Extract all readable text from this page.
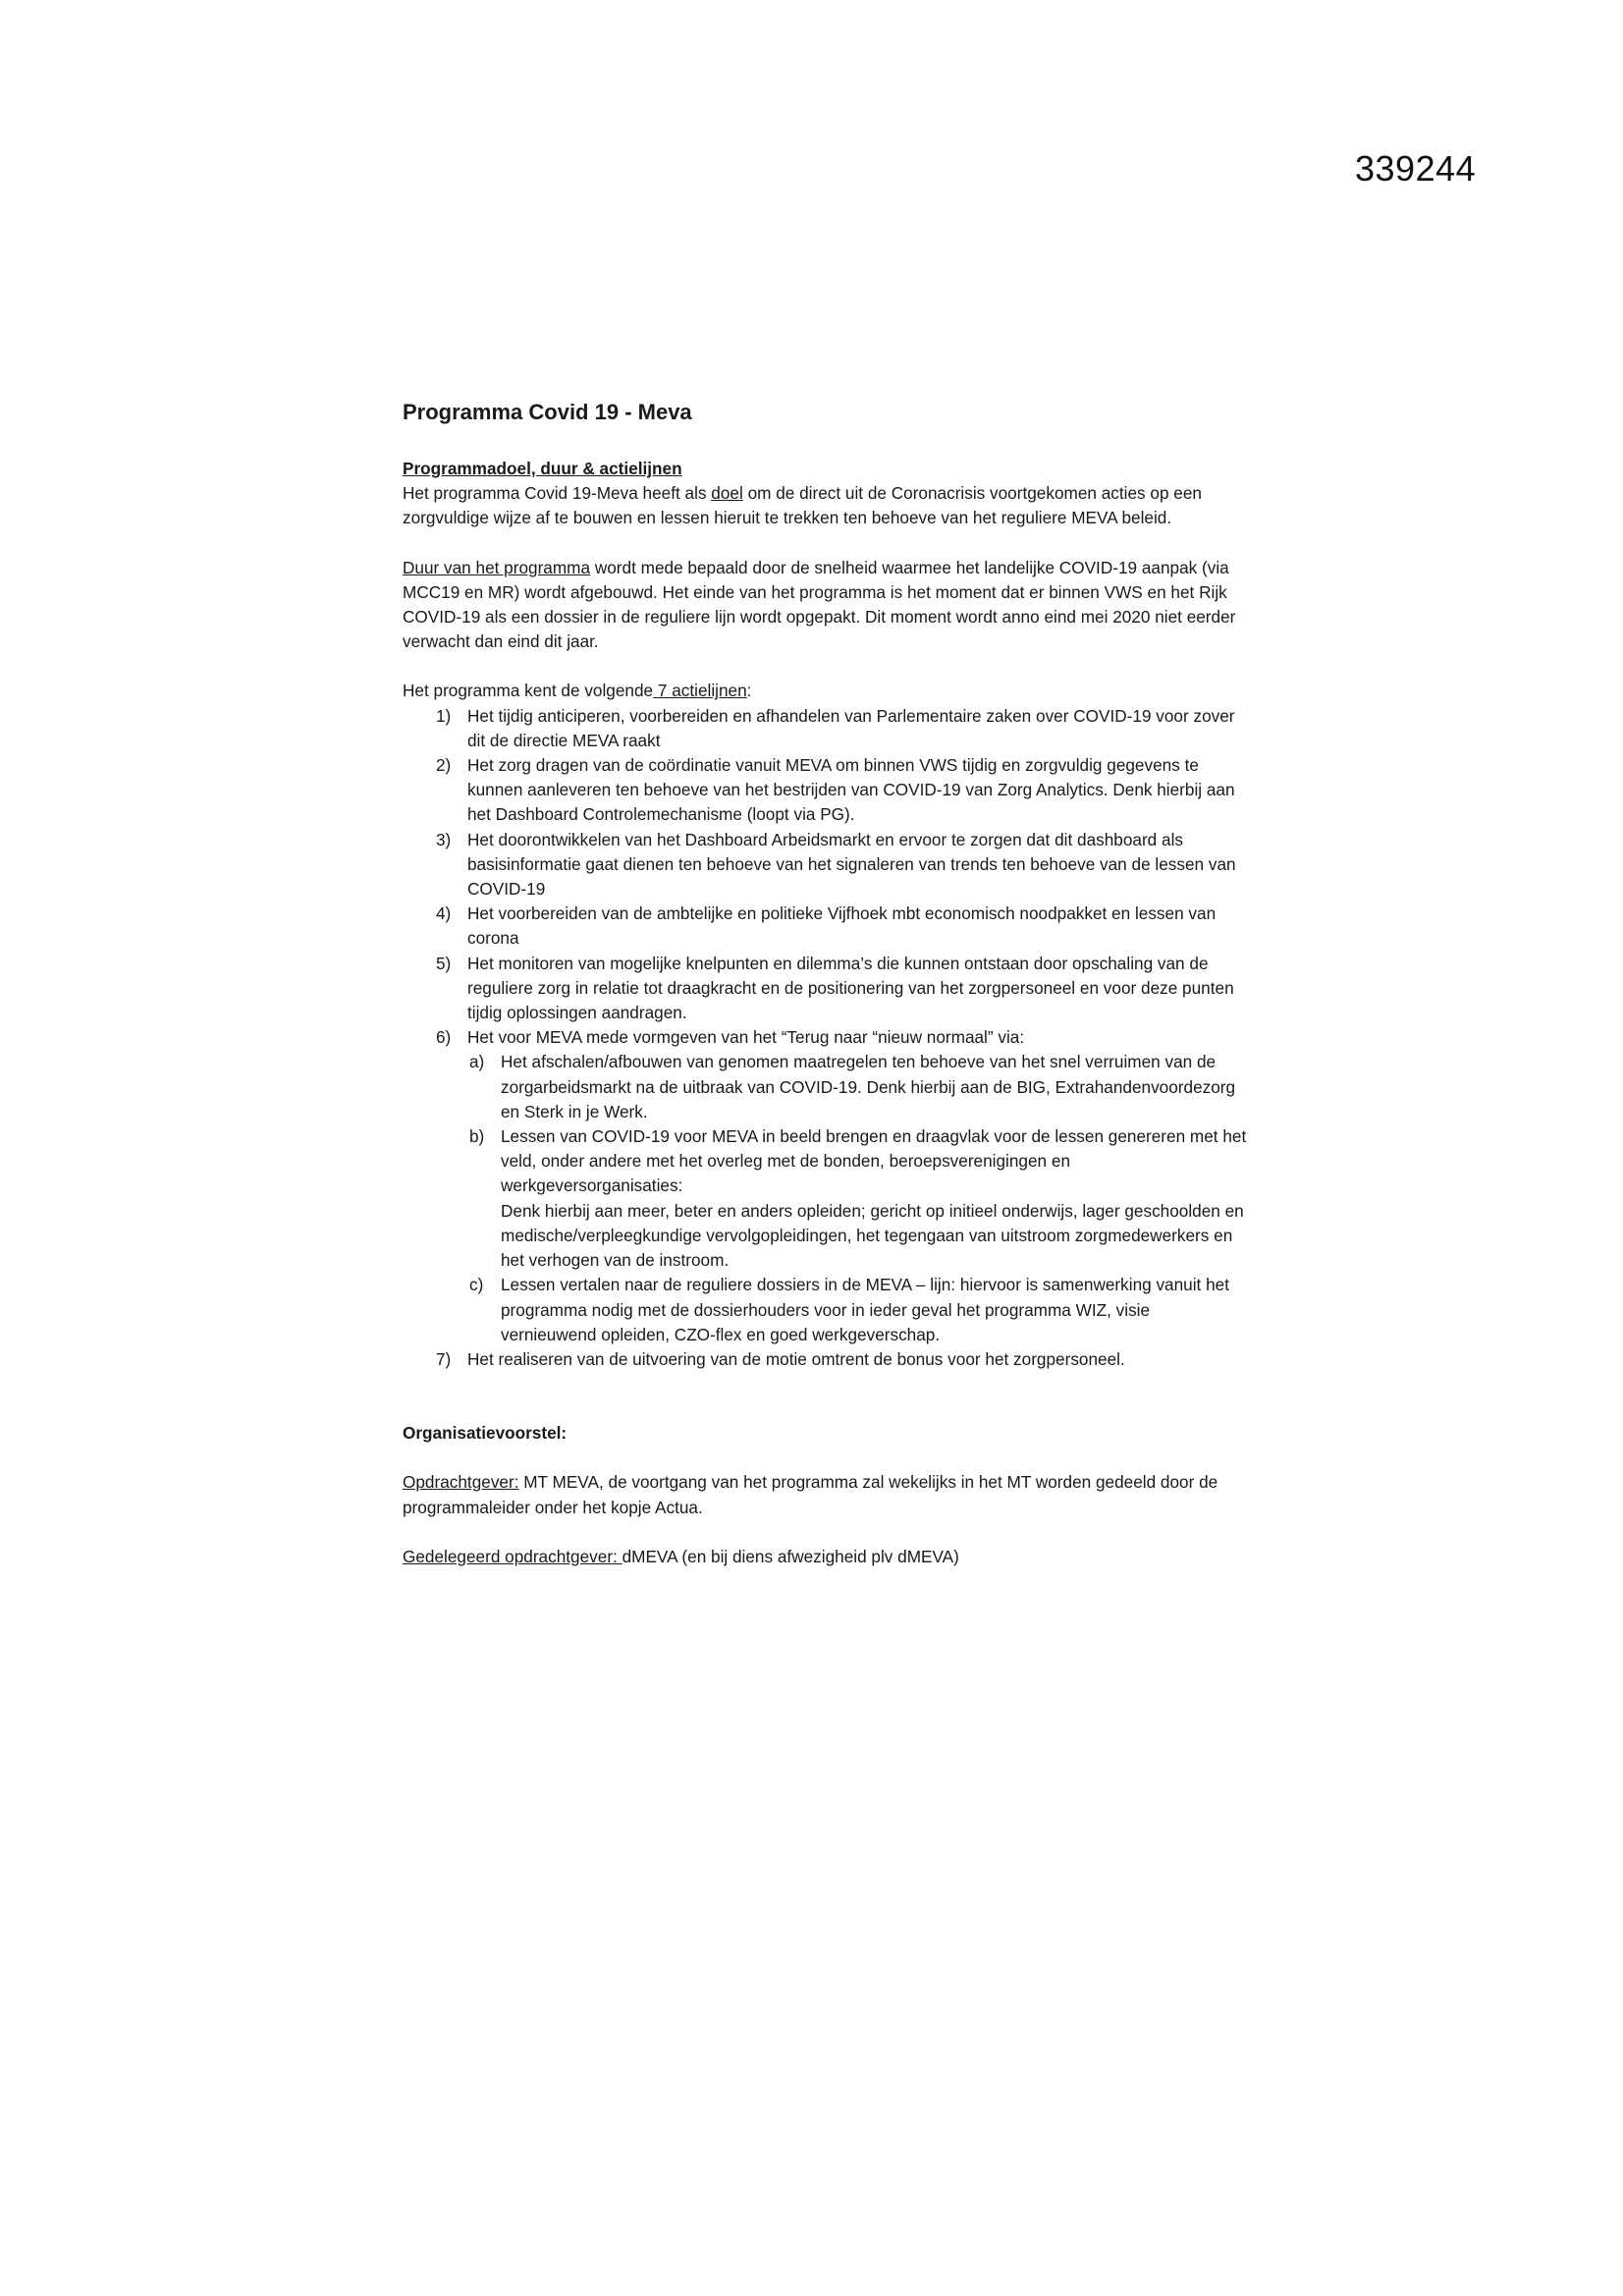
339244
Programma Covid 19 - Meva

Programmadoel, duur & actielijnen

Het programma Covid 19-Meva heeft als doel om de direct uit de Coronacrisis voortgekomen acties op een zorgvuldige wijze af te bouwen en lessen hieruit te trekken ten behoeve van het reguliere MEVA beleid.

Duur van het programma wordt mede bepaald door de snelheid waarmee het landelijke COVID-19 aanpak (via MCC19 en MR) wordt afgebouwd. Het einde van het programma is het moment dat er binnen VWS en het Rijk COVID-19 als een dossier in de reguliere lijn wordt opgepakt. Dit moment wordt anno eind mei 2020 niet eerder verwacht dan eind dit jaar.

Het programma kent de volgende 7 actielijnen:

1) Het tijdig anticiperen, voorbereiden en afhandelen van Parlementaire zaken over COVID-19 voor zover dit de directie MEVA raakt
2) Het zorg dragen van de coördinatie vanuit MEVA om binnen VWS tijdig en zorgvuldig gegevens te kunnen aanleveren ten behoeve van het bestrijden van COVID-19 van Zorg Analytics. Denk hierbij aan het Dashboard Controlemechanisme (loopt via PG).
3) Het doorontwikkelen van het Dashboard Arbeidsmarkt en ervoor te zorgen dat dit dashboard als basisinformatie gaat dienen ten behoeve van het signaleren van trends ten behoeve van de lessen van COVID-19
4) Het voorbereiden van de ambtelijke en politieke Vijfhoek mbt economisch noodpakket en lessen van corona
5) Het monitoren van mogelijke knelpunten en dilemma’s die kunnen ontstaan door opschaling van de reguliere zorg in relatie tot draagkracht en de positionering van het zorgpersoneel en voor deze punten tijdig oplossingen aandragen.
6) Het voor MEVA mede vormgeven van het “Terug naar “nieuw normaal” via:
a) Het afschalen/afbouwen van genomen maatregelen ten behoeve van het snel verruimen van de zorgarbeidsmarkt na de uitbraak van COVID-19. Denk hierbij aan de BIG, Extrahandenvoordezorg en Sterk in je Werk.
b) Lessen van COVID-19 voor MEVA in beeld brengen en draagvlak voor de lessen genereren met het veld, onder andere met het overleg met de bonden, beroepsverenigingen en werkgeversorganisaties:
Denk hierbij aan meer, beter en anders opleiden; gericht op initieel onderwijs, lager geschoolden en medische/verpleegkundige vervolgopleidingen, het tegengaan van uitstroom zorgmedewerkers en het verhogen van de instroom.
c) Lessen vertalen naar de reguliere dossiers in de MEVA – lijn: hiervoor is samenwerking vanuit het programma nodig met de dossierhouders voor in ieder geval het programma WIZ, visie vernieuwend opleiden, CZO-flex en goed werkgeverschap.
7) Het realiseren van de uitvoering van de motie omtrent de bonus voor het zorgpersoneel.

Organisatievoorstel:

Opdrachtgever: MT MEVA, de voortgang van het programma zal wekelijks in het MT worden gedeeld door de programmaleider onder het kopje Actua.

Gedelegeerd opdrachtgever: dMEVA (en bij diens afwezigheid plv dMEVA)
